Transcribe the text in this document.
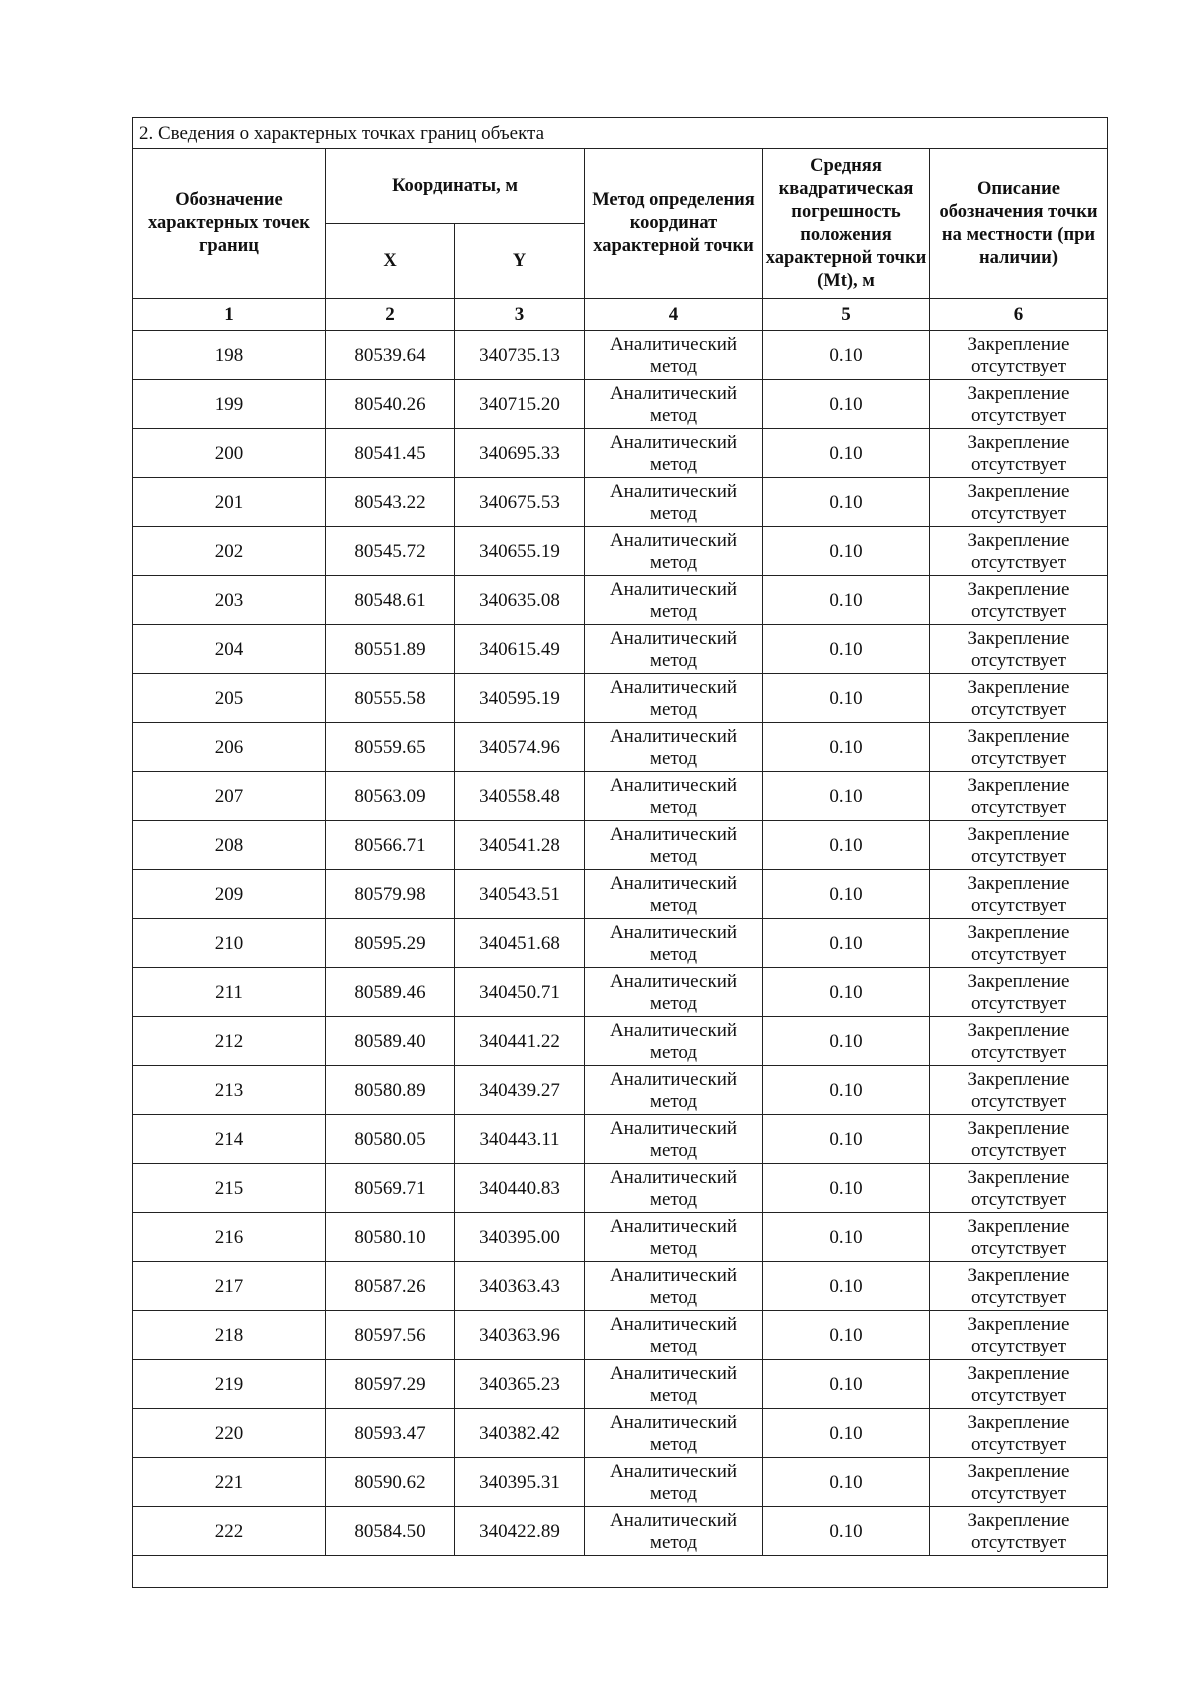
2. Сведения о характерных точках границ объекта					
Обозначение характерных точек границ	Координаты, м		Метод определения координат характерной точки	Средняя квадратическая погрешность положения характерной точки (Mt), м	Описание обозначения точки на местности (при наличии)
	X	Y			
1	2	3	4	5	6
198	80539.64	340735.13	Аналитический метод	0.10	Закрепление отсутствует
199	80540.26	340715.20	Аналитический метод	0.10	Закрепление отсутствует
200	80541.45	340695.33	Аналитический метод	0.10	Закрепление отсутствует
201	80543.22	340675.53	Аналитический метод	0.10	Закрепление отсутствует
202	80545.72	340655.19	Аналитический метод	0.10	Закрепление отсутствует
203	80548.61	340635.08	Аналитический метод	0.10	Закрепление отсутствует
204	80551.89	340615.49	Аналитический метод	0.10	Закрепление отсутствует
205	80555.58	340595.19	Аналитический метод	0.10	Закрепление отсутствует
206	80559.65	340574.96	Аналитический метод	0.10	Закрепление отсутствует
207	80563.09	340558.48	Аналитический метод	0.10	Закрепление отсутствует
208	80566.71	340541.28	Аналитический метод	0.10	Закрепление отсутствует
209	80579.98	340543.51	Аналитический метод	0.10	Закрепление отсутствует
210	80595.29	340451.68	Аналитический метод	0.10	Закрепление отсутствует
211	80589.46	340450.71	Аналитический метод	0.10	Закрепление отсутствует
212	80589.40	340441.22	Аналитический метод	0.10	Закрепление отсутствует
213	80580.89	340439.27	Аналитический метод	0.10	Закрепление отсутствует
214	80580.05	340443.11	Аналитический метод	0.10	Закрепление отсутствует
215	80569.71	340440.83	Аналитический метод	0.10	Закрепление отсутствует
216	80580.10	340395.00	Аналитический метод	0.10	Закрепление отсутствует
217	80587.26	340363.43	Аналитический метод	0.10	Закрепление отсутствует
218	80597.56	340363.96	Аналитический метод	0.10	Закрепление отсутствует
219	80597.29	340365.23	Аналитический метод	0.10	Закрепление отсутствует
220	80593.47	340382.42	Аналитический метод	0.10	Закрепление отсутствует
221	80590.62	340395.31	Аналитический метод	0.10	Закрепление отсутствует
222	80584.50	340422.89	Аналитический метод	0.10	Закрепление отсутствует
